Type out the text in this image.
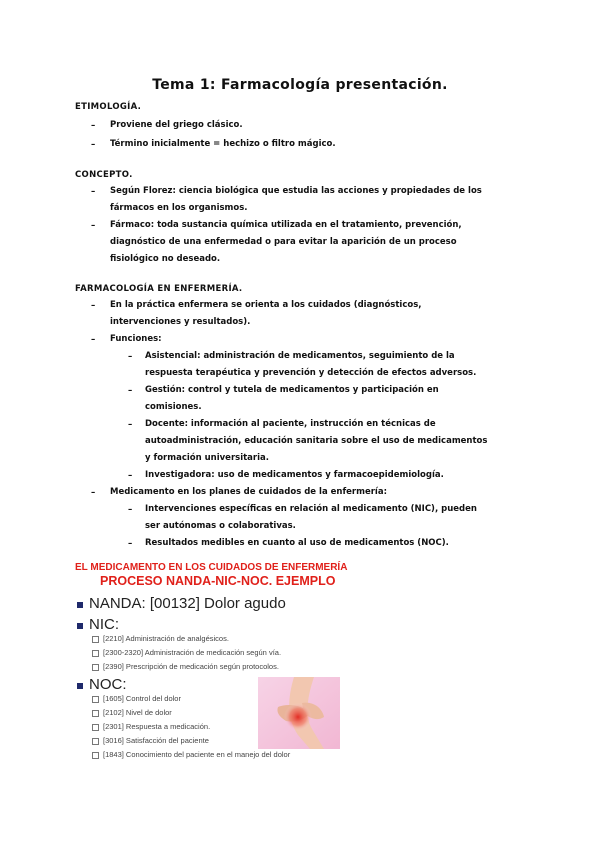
Tema 1: Farmacología presentación.
ETIMOLOGÍA.
– Proviene del griego clásico.
– Término inicialmente = hechizo o filtro mágico.
CONCEPTO.
– Según Florez: ciencia biológica que estudia las acciones y propiedades de los
fármacos en los organismos.
– Fármaco: toda sustancia química utilizada en el tratamiento, prevención,
diagnóstico de una enfermedad o para evitar la aparición de un proceso
fisiológico no deseado.
FARMACOLOGÍA EN ENFERMERÍA.
– En la práctica enfermera se orienta a los cuidados (diagnósticos,
intervenciones y resultados).
– Funciones:
– Asistencial: administración de medicamentos, seguimiento de la
respuesta terapéutica y prevención y detección de efectos adversos.
– Gestión: control y tutela de medicamentos y participación en
comisiones.
– Docente: información al paciente, instrucción en técnicas de
autoadministración, educación sanitaria sobre el uso de medicamentos
y formación universitaria.
– Investigadora: uso de medicamentos y farmacoepidemiología.
– Medicamento en los planes de cuidados de la enfermería:
– Intervenciones específicas en relación al medicamento (NIC), pueden
ser autónomas o colaborativas.
– Resultados medibles en cuanto al uso de medicamentos (NOC).
EL MEDICAMENTO EN LOS CUIDADOS DE ENFERMERÍA
PROCESO NANDA-NIC-NOC. EJEMPLO
NANDA: [00132] Dolor agudo
NIC:
[2210] Administración de analgésicos.
[2300-2320] Administración de medicación según vía.
[2390] Prescripción de medicación según protocolos.
NOC:
[1605] Control del dolor
[2102] Nivel de dolor
[2301] Respuesta a medicación.
[3016] Satisfacción del paciente
[1843] Conocimiento del paciente en el manejo del dolor
